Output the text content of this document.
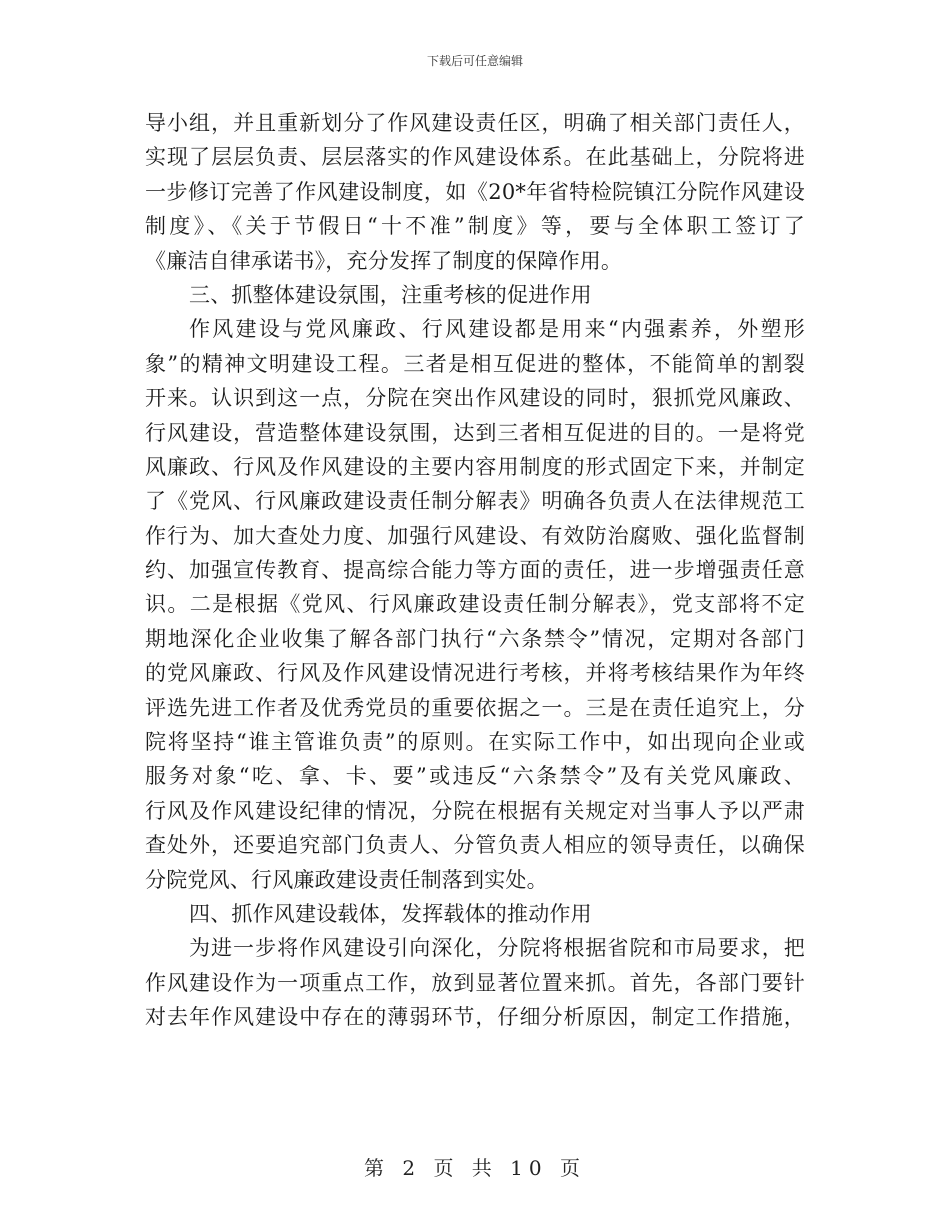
下载后可任意编辑
导小组，并且重新划分了作风建设责任区，明确了相关部门责任人，
实现了层层负责、层层落实的作风建设体系。在此基础上，分院将进
一步修订完善了作风建设制度，如《20*年省特检院镇江分院作风建设
制度》、《关于节假日“十不准”制度》等，要与全体职工签订了
《廉洁自律承诺书》，充分发挥了制度的保障作用。
三、抓整体建设氛围，注重考核的促进作用
作风建设与党风廉政、行风建设都是用来“内强素养，外塑形
象”的精神文明建设工程。三者是相互促进的整体，不能简单的割裂
开来。认识到这一点，分院在突出作风建设的同时，狠抓党风廉政、
行风建设，营造整体建设氛围，达到三者相互促进的目的。一是将党
风廉政、行风及作风建设的主要内容用制度的形式固定下来，并制定
了《党风、行风廉政建设责任制分解表》明确各负责人在法律规范工
作行为、加大查处力度、加强行风建设、有效防治腐败、强化监督制
约、加强宣传教育、提高综合能力等方面的责任，进一步增强责任意
识。二是根据《党风、行风廉政建设责任制分解表》，党支部将不定
期地深化企业收集了解各部门执行“六条禁令”情况，定期对各部门
的党风廉政、行风及作风建设情况进行考核，并将考核结果作为年终
评选先进工作者及优秀党员的重要依据之一。三是在责任追究上，分
院将坚持“谁主管谁负责”的原则。在实际工作中，如出现向企业或
服务对象“吃、拿、卡、要”或违反“六条禁令”及有关党风廉政、
行风及作风建设纪律的情况，分院在根据有关规定对当事人予以严肃
查处外，还要追究部门负责人、分管负责人相应的领导责任，以确保
分院党风、行风廉政建设责任制落到实处。
四、抓作风建设载体，发挥载体的推动作用
为进一步将作风建设引向深化，分院将根据省院和市局要求，把
作风建设作为一项重点工作，放到显著位置来抓。首先，各部门要针
对去年作风建设中存在的薄弱环节，仔细分析原因，制定工作措施，
第 2 页 共 10 页
